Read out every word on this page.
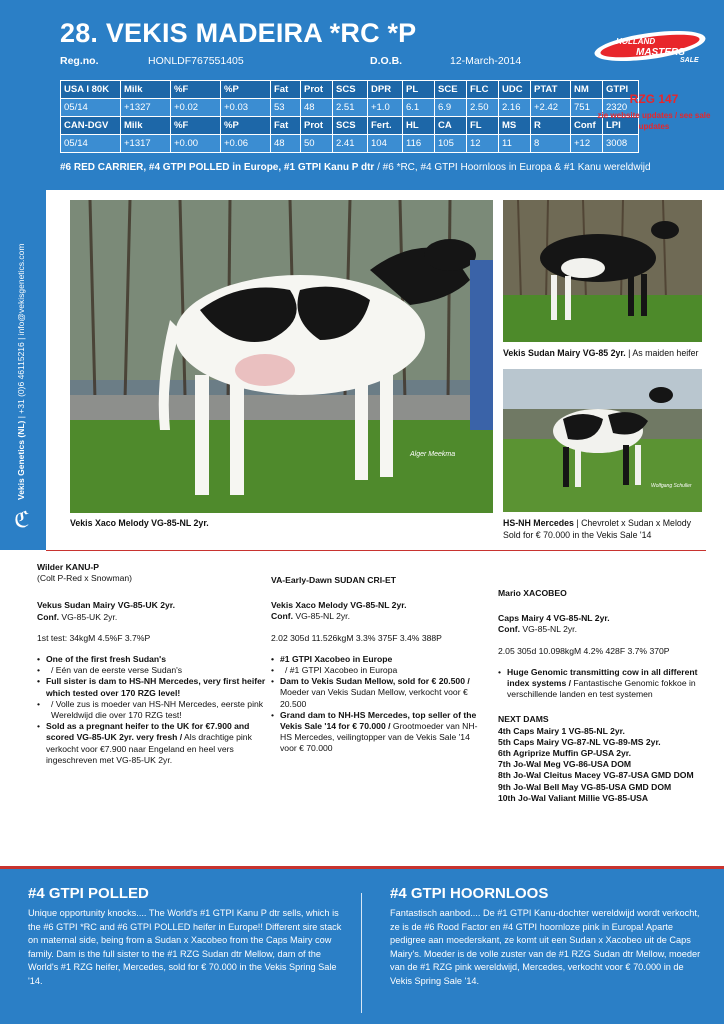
28. VEKIS MADEIRA *RC *P
Reg.no.	HONLDF767551405	D.O.B.	12-March-2014
USA I 80K	Milk	%F	%P	Fat	Prot	SCS	DPR	PL	SCE	FLC	UDC	PTAT	NM	GTPI
05/14	+1327	+0.02	+0.03	53	48	2.51	+1.0	6.1	6.9	2.50	2.16	+2.42	751	2320
CAN-DGV	Milk	%F	%P	Fat	Prot	SCS	Fert.	HL	CA	FL	MS	R	Conf	LPI
05/14	+1317	+0.00	+0.06	48	50	2.41	104	116	105	12	11	8	+12	3008
#6 RED CARRIER, #4 GTPI POLLED in Europe, #1 GTPI Kanu P dtr / #6 *RC, #4 GTPI Hoornloos in Europa & #1 Kanu wereldwijd
HOLLAND
MASTERS
SALE
RZG 147
zie website updates / see sale updates
Vekis Genetics (NL) | +31 (0)6 46115216 | info@vekisgenetics.com
ℭ
Alger Meekma
Wolfgang Schuller
Vekis Xaco Melody VG-85-NL 2yr.
Vekis Sudan Mairy VG-85 2yr. | As maiden heifer
HS-NH Mercedes | Chevrolet x Sudan x Melody
Sold for € 70.000 in the Vekis Sale '14
Wilder KANU-P
(Colt P-Red x Snowman)
Vekus Sudan Mairy VG-85-UK 2yr.
Conf. VG-85-UK 2yr.
1st test: 34kgM 4.5%F 3.7%P
• One of the first fresh Sudan's
• / Eén van de eerste verse Sudan's
• Full sister is dam to HS-NH Mercedes, very first heifer which tested over 170 RZG level!
• / Volle zus is moeder van HS-NH Mercedes, eerste pink Wereldwijd die over 170 RZG test!
• Sold as a pregnant heifer to the UK for €7.900 and scored VG-85-UK 2yr. very fresh / Als drachtige pink verkocht voor €7.900 naar Engeland en heel vers ingeschreven met VG-85-UK 2yr.
VA-Early-Dawn SUDAN CRI-ET
Vekis Xaco Melody VG-85-NL 2yr.
Conf. VG-85-NL 2yr.
2.02 305d 11.526kgM 3.3% 375F 3.4% 388P
• #1 GTPI Xacobeo in Europe
• / #1 GTPI Xacobeo in Europa
• Dam to Vekis Sudan Mellow, sold for € 20.500 / Moeder van Vekis Sudan Mellow, verkocht voor € 20.500
• Grand dam to NH-HS Mercedes, top seller of the Vekis Sale '14 for € 70.000 / Grootmoeder van NH-HS Mercedes, veilingtopper van de Vekis Sale '14 voor € 70.000
Mario XACOBEO
Caps Mairy 4 VG-85-NL 2yr.
Conf. VG-85-NL 2yr.
2.05 305d 10.098kgM 4.2% 428F 3.7% 370P
• Huge Genomic transmitting cow in all different index systems / Fantastische Genomic fokkoe in verschillende landen en test systemen
NEXT DAMS
4th Caps Mairy 1 VG-85-NL 2yr.
5th Caps Mairy VG-87-NL VG-89-MS 2yr.
6th Agriprize Muffin GP-USA 2yr.
7th Jo-Wal Meg VG-86-USA DOM
8th Jo-Wal Cleitus Macey VG-87-USA GMD DOM
9th Jo-Wal Bell May VG-85-USA GMD DOM
10th Jo-Wal Valiant Millie VG-85-USA
#4 GTPI POLLED
Unique opportunity knocks.... The World's #1 GTPI Kanu P dtr sells, which is the #6 GTPI *RC and #6 GTPI POLLED heifer in Europe!! Different sire stack on maternal side, being from a Sudan x Xacobeo from the Caps Mairy cow family. Dam is the full sister to the #1 RZG Sudan dtr Mellow, dam of the World's #1 RZG heifer, Mercedes, sold for € 70.000 in the Vekis Spring Sale '14.
#4 GTPI HOORNLOOS
Fantastisch aanbod.... De #1 GTPI Kanu-dochter wereldwijd wordt verkocht, ze is de #6 Rood Factor en #4 GTPI hoornloze pink in Europa! Aparte pedigree aan moederskant, ze komt uit een Sudan x Xacobeo uit de Caps Mairy's. Moeder is de volle zuster van de #1 RZG Sudan dtr Mellow, moeder van de #1 RZG pink wereldwijd, Mercedes, verkocht voor € 70.000 in de Vekis Spring Sale '14.
